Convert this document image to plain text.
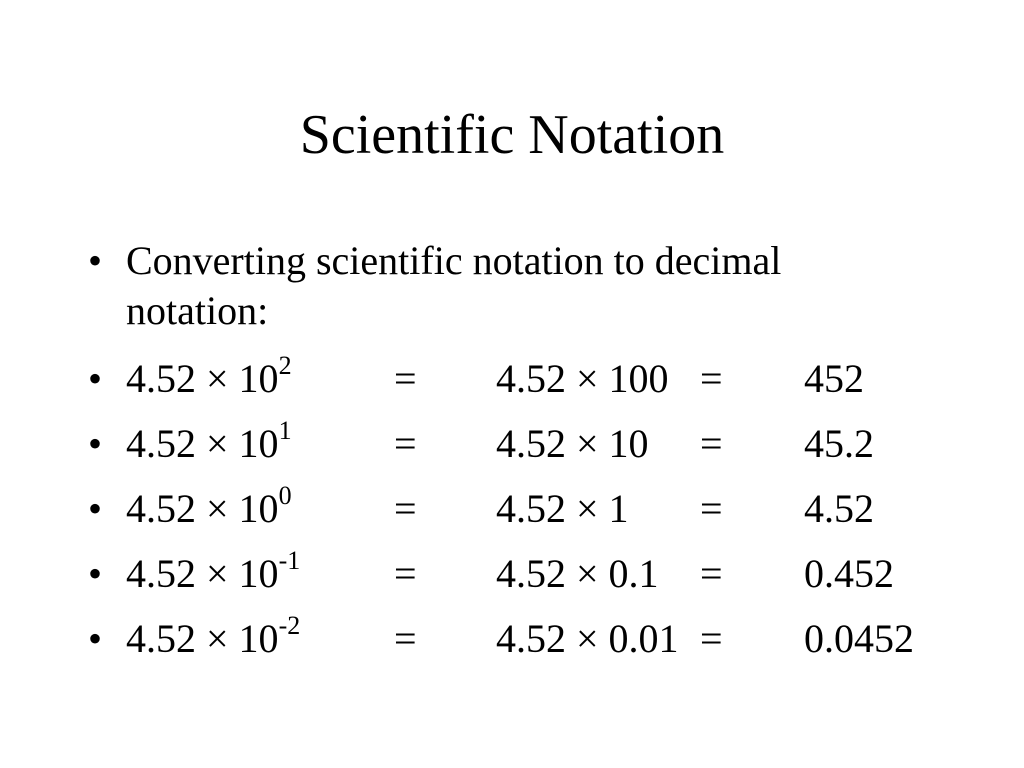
Scientific Notation
• Converting scientific notation to decimal notation:
• $4.52 \times 10^2$	= 4.52 × 100 = 452
• $4.52 \times 10^1$	= 4.52 × 10 = 45.2
• $4.52 \times 10^0$	= 4.52 × 1 = 4.52
• $4.52 \times 10^{-1} = 4.52 \times 0.1 = 0.452$
• $4.52 \times 10^{-2} = 4.52 \times 0.01 = 0.0452$
